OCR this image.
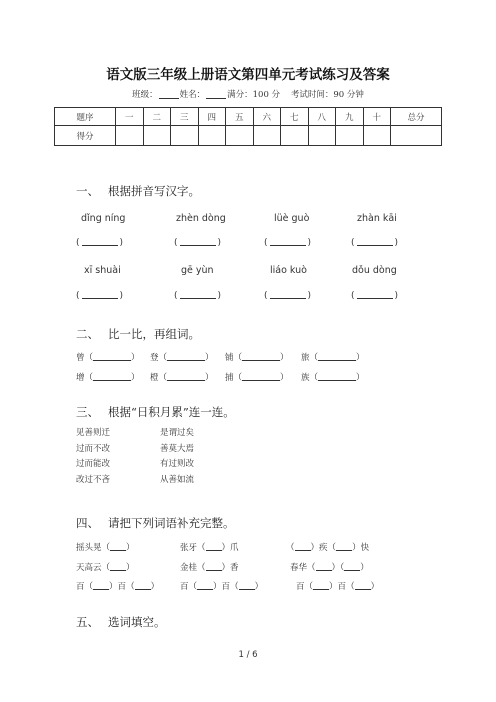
语文版三年级上册语文第四单元考试练习及答案
班级：	姓名：	满分：100 分 考试时间：90 分钟
题序	一	二	三	四	五	六	七	八	九	十	总分
得分											
一、 根据拼音写汉字。
dǐng níng	zhèn dòng	lüè guò	zhàn kāi
(	)	(	)	(	)	(	)
xī shuài	gē yùn	liáo kuò	dǒu dòng
(	)	(	)	(	)	(	)
二、 比一比，再组词。
曾（	） 登（	） 铺（	） 旅（	）
增（	） 橙（	） 捕（	） 族（	）
三、 根据“日积月累”连一连。
见善则迁
过而不改
过而能改
改过不吝
是谓过矣
善莫大焉
有过则改
从善如流
四、 请把下列词语补充完整。
摇头晃（ ）	张牙（ ）爪	（ ）疾（ ）快
天高云（ ）	金桂（ ）香	春华（ ）（ ）
百（ ）百（ ） 百（ ）百（ ）	百（ ）百（ ）
五、 选词填空。
1 / 6
